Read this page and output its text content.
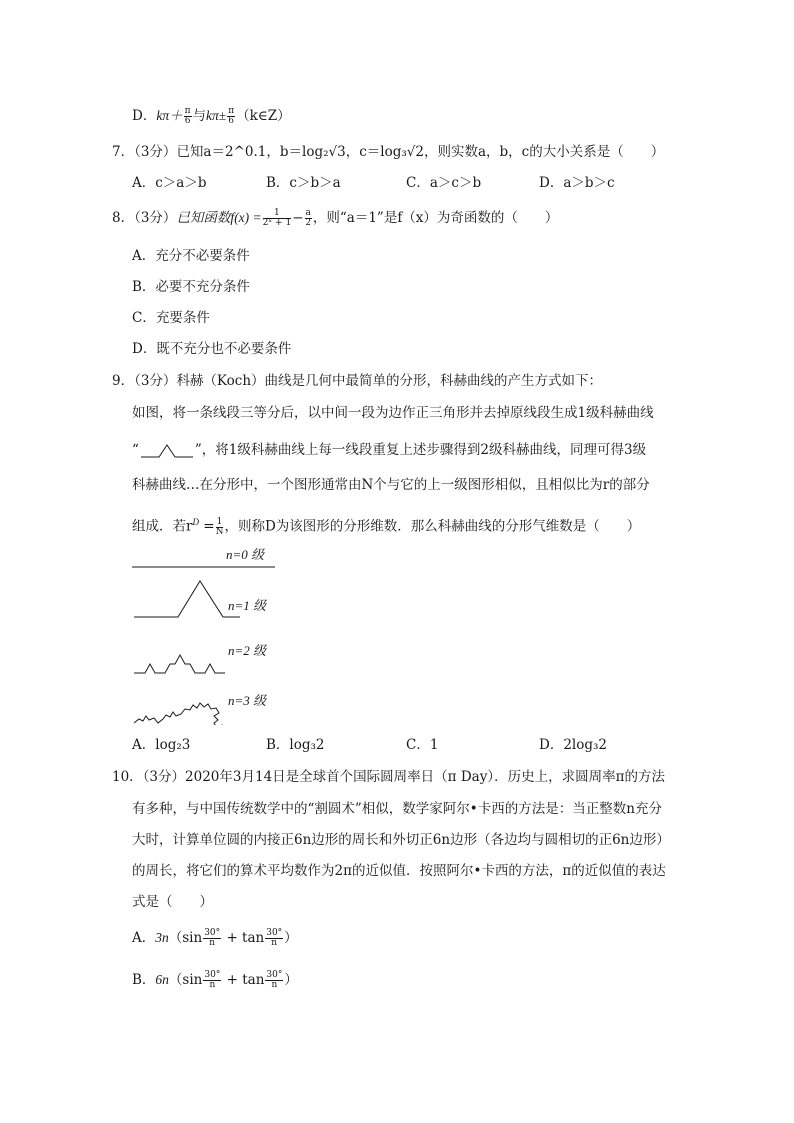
D．$k\pi+ \frac{\pi}{6}$ 与$k\pi\pm \frac{\pi}{6}$ （k∈Z）
7．（3分）已知a＝2^0.1，b＝log₂√3，c＝log₃√2，则实数a，b，c的大小关系是（　　）
A．c＞a＞b	B．c＞b＞a	C．a＞c＞b	D．a＞b＞c
8．（3分）已知函数$f(x) = \frac{1}{\text{2ˣ + 1}} - \frac{a}{2}$ ，则“a＝1”是f（x）为奇函数的（　　）
A．充分不必要条件
B．必要不充分条件
C．充要条件
D．既不充分也不必要条件
9．（3分）科赫（Koch）曲线是几何中最简单的分形，科赫曲线的产生方式如下：
如图，将一条线段三等分后，以中间一段为边作正三角形并去掉原线段生成1级科赫曲线
“	”，将1级科赫曲线上每一线段重复上述步骤得到2级科赫曲线，同理可得3级
科赫曲线…在分形中，一个图形通常由N个与它的上一级图形相似，且相似比为r的部分
组成．若$r^D = \frac{1}{N}$ ，则称D为该图形的分形维数．那么科赫曲线的分形气维数是（　　）
n=0 级
n=1 级
n=2 级
n=3 级
A．log₂3	B．log₃2	C．1	D．2log₃2
10．（3分）2020年3月14日是全球首个国际圆周率日（π Day）．历史上，求圆周率π的方法
有多种，与中国传统数学中的“割圆术”相似，数学家阿尔•卡西的方法是：当正整数n充分
大时，计算单位圆的内接正6n边形的周长和外切正6n边形（各边均与圆相切的正6n边形）
的周长，将它们的算术平均数作为2π的近似值．按照阿尔•卡西的方法，π的近似值的表达
式是（　　）
A．$3n(\sin \frac{30^\circ}{n} + \tan \frac{30^\circ}{n}$ ）
B．$6n(\sin \frac{30^\circ}{n} + \tan \frac{30^\circ}{n}$ ）
